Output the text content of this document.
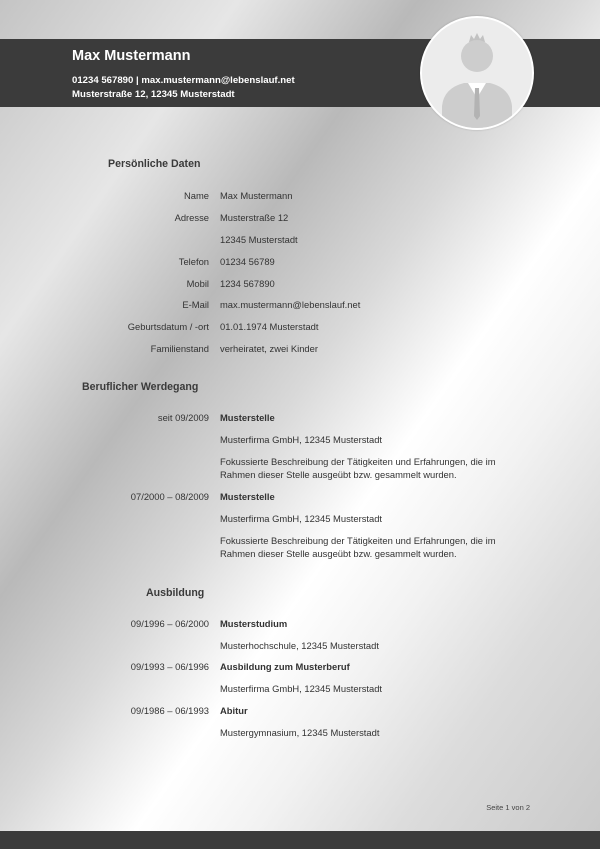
Max Mustermann
01234 567890 | max.mustermann@lebenslauf.net
Musterstraße 12, 12345 Musterstadt
Persönliche Daten
Name Max Mustermann
Adresse Musterstraße 12
12345 Musterstadt
Telefon 01234 56789
Mobil 1234 567890
E-Mail max.mustermann@lebenslauf.net
Geburtsdatum / -ort 01.01.1974 Musterstadt
Familienstand verheiratet, zwei Kinder
Beruflicher Werdegang
seit 09/2009 Musterstelle
Musterfirma GmbH, 12345 Musterstadt
Fokussierte Beschreibung der Tätigkeiten und Erfahrungen, die im Rahmen dieser Stelle ausgeübt bzw. gesammelt wurden.
07/2000 – 08/2009 Musterstelle
Musterfirma GmbH, 12345 Musterstadt
Fokussierte Beschreibung der Tätigkeiten und Erfahrungen, die im Rahmen dieser Stelle ausgeübt bzw. gesammelt wurden.
Ausbildung
09/1996 – 06/2000 Musterstudium
Musterhochschule, 12345 Musterstadt
09/1993 – 06/1996 Ausbildung zum Musterberuf
Musterfirma GmbH, 12345 Musterstadt
09/1986 – 06/1993 Abitur
Mustergymnasium, 12345 Musterstadt
Seite 1 von 2
